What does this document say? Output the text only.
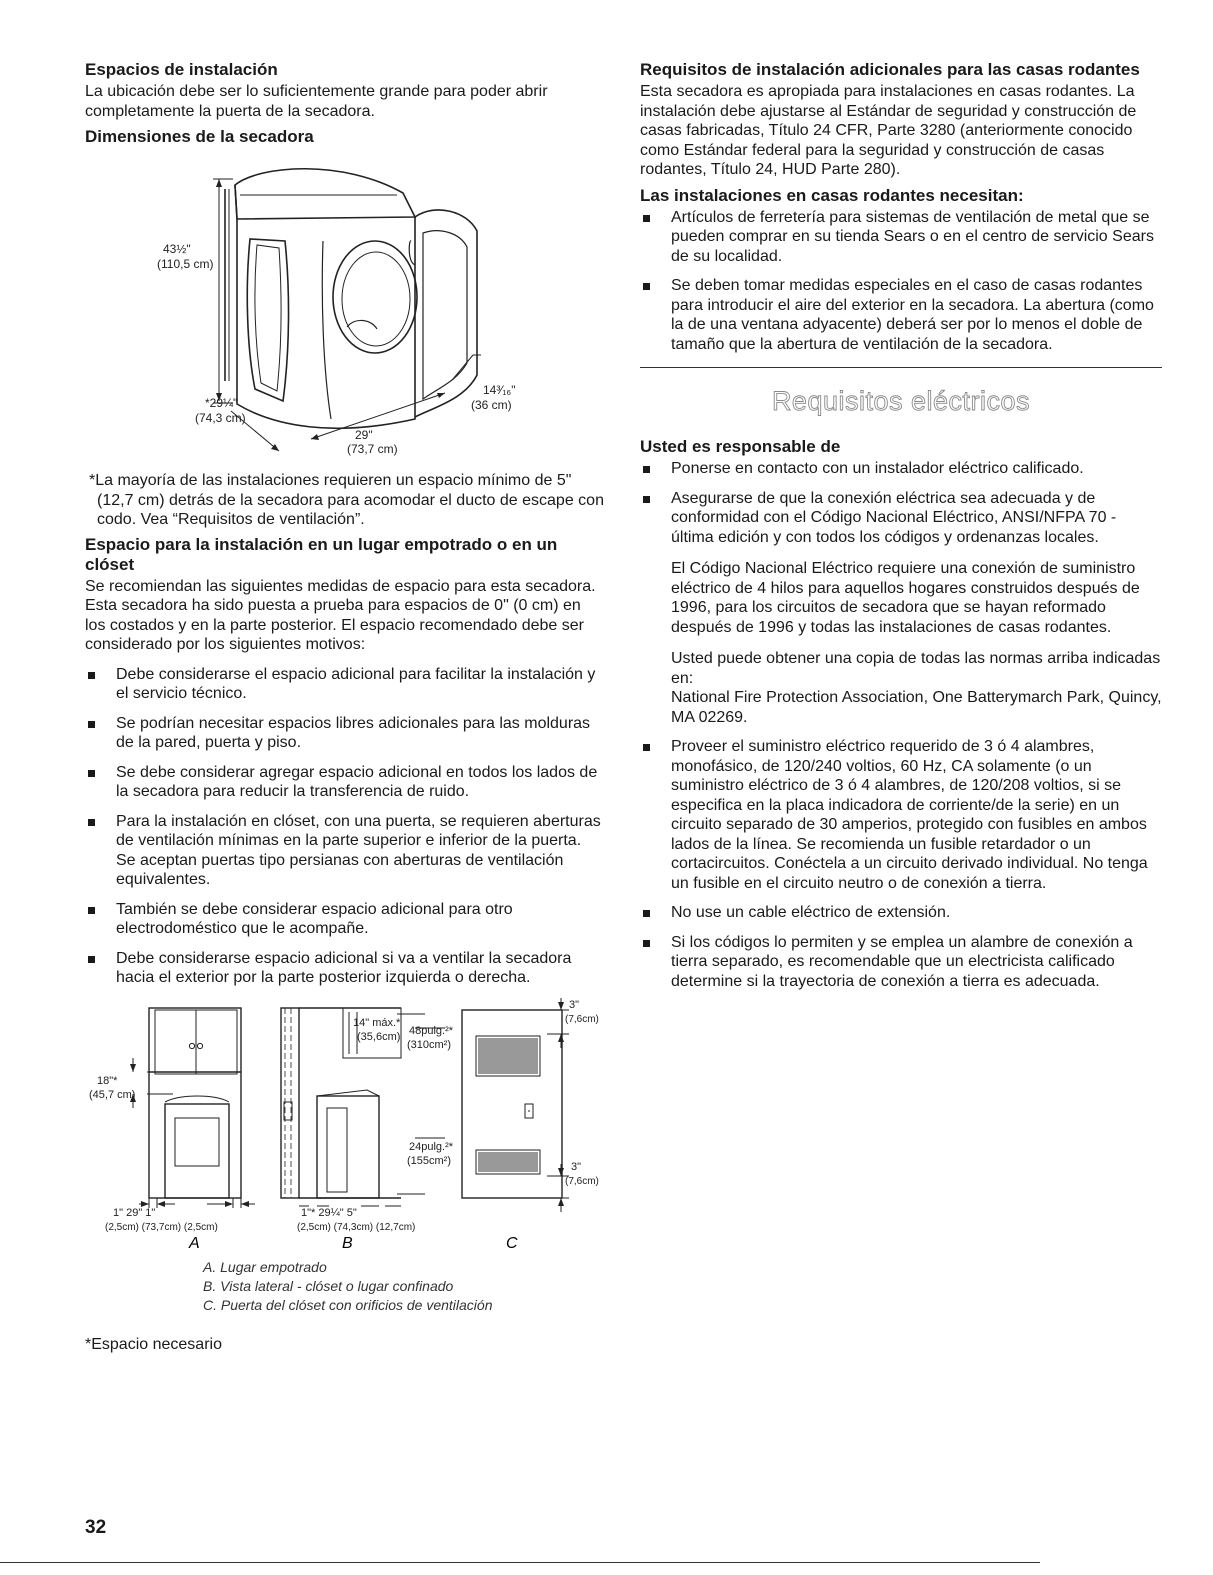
Espacios de instalación

La ubicación debe ser lo suficientemente grande para poder abrir completamente la puerta de la secadora.

Dimensiones de la secadora
43½"
(110,5 cm)
*29¼"
(74,3 cm)
29"
(73,7 cm)
14³⁄₁₆"
(36 cm)

*La mayoría de las instalaciones requieren un espacio mínimo de 5" (12,7 cm) detrás de la secadora para acomodar el ducto de escape con codo. Vea “Requisitos de ventilación”.

Espacio para la instalación en un lugar empotrado o en un clóset

Se recomiendan las siguientes medidas de espacio para esta secadora. Esta secadora ha sido puesta a prueba para espacios de 0" (0 cm) en los costados y en la parte posterior. El espacio recomendado debe ser considerado por los siguientes motivos:

Debe considerarse el espacio adicional para facilitar la instalación y el servicio técnico.
Se podrían necesitar espacios libres adicionales para las molduras de la pared, puerta y piso.
Se debe considerar agregar espacio adicional en todos los lados de la secadora para reducir la transferencia de ruido.
Para la instalación en clóset, con una puerta, se requieren aberturas de ventilación mínimas en la parte superior e inferior de la puerta. Se aceptan puertas tipo persianas con aberturas de ventilación equivalentes.
También se debe considerar espacio adicional para otro electrodoméstico que le acompañe.
Debe considerarse espacio adicional si va a ventilar la secadora hacia el exterior por la parte posterior izquierda o derecha.
18"*
(45,7 cm)
1" 29" 1"
(2,5cm) (73,7cm) (2,5cm)
14" máx.*
(35,6cm) 48pulg.²*
(310cm²)
24pulg.²*
(155cm²)
1"* 29¼" 5"
(2,5cm) (74,3cm) (12,7cm)
3"
(7,6cm)
3"
(7,6cm)
A	B	C
A. Lugar empotrado
B. Vista lateral - clóset o lugar confinado
C. Puerta del clóset con orificios de ventilación

*Espacio necesario

Requisitos de instalación adicionales para las casas rodantes

Esta secadora es apropiada para instalaciones en casas rodantes. La instalación debe ajustarse al Estándar de seguridad y construcción de casas fabricadas, Título 24 CFR, Parte 3280 (anteriormente conocido como Estándar federal para la seguridad y construcción de casas rodantes, Título 24, HUD Parte 280).

Las instalaciones en casas rodantes necesitan:
Artículos de ferretería para sistemas de ventilación de metal que se pueden comprar en su tienda Sears o en el centro de servicio Sears de su localidad.
Se deben tomar medidas especiales en el caso de casas rodantes para introducir el aire del exterior en la secadora. La abertura (como la de una ventana adyacente) deberá ser por lo menos el doble de tamaño que la abertura de ventilación de la secadora.
Requisitos eléctricos
Usted es responsable de
Ponerse en contacto con un instalador eléctrico calificado.

Asegurarse de que la conexión eléctrica sea adecuada y de conformidad con el Código Nacional Eléctrico, ANSI/NFPA 70 - última edición y con todos los códigos y ordenanzas locales.

El Código Nacional Eléctrico requiere una conexión de suministro eléctrico de 4 hilos para aquellos hogares construidos después de 1996, para los circuitos de secadora que se hayan reformado después de 1996 y todas las instalaciones de casas rodantes.

Usted puede obtener una copia de todas las normas arriba indicadas en:

National Fire Protection Association, One Batterymarch Park, Quincy, MA 02269.

Proveer el suministro eléctrico requerido de 3 ó 4 alambres, monofásico, de 120/240 voltios, 60 Hz, CA solamente (o un suministro eléctrico de 3 ó 4 alambres, de 120/208 voltios, si se especifica en la placa indicadora de corriente/de la serie) en un circuito separado de 30 amperios, protegido con fusibles en ambos lados de la línea. Se recomienda un fusible retardador o un cortacircuitos. Conéctela a un circuito derivado individual. No tenga un fusible en el circuito neutro o de conexión a tierra.
No use un cable eléctrico de extensión.
Si los códigos lo permiten y se emplea un alambre de conexión a tierra separado, es recomendable que un electricista calificado determine si la trayectoria de conexión a tierra es adecuada.
32
